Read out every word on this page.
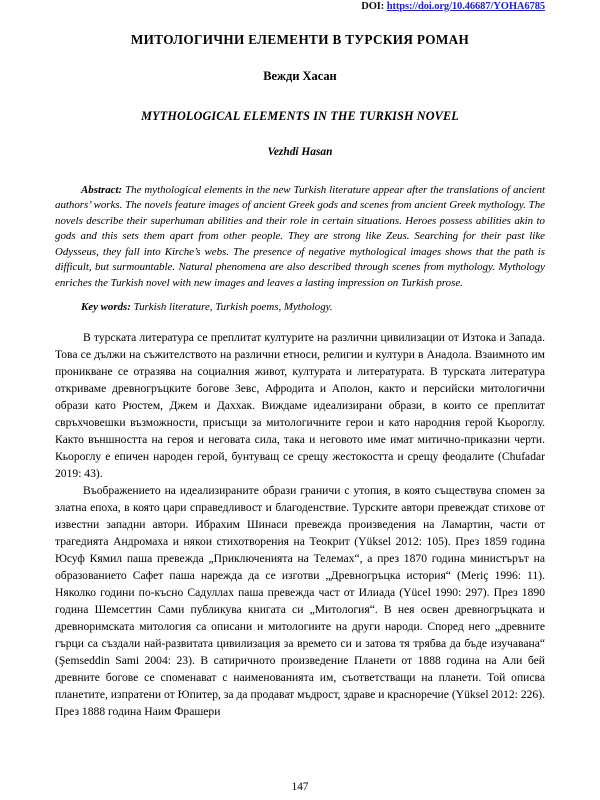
DOI: https://doi.org/10.46687/YOHA6785
МИТОЛОГИЧНИ ЕЛЕМЕНТИ В ТУРСКИЯ РОМАН
Вежди Хасан
MYTHOLOGICAL ELEMENTS IN THE TURKISH NOVEL
Vezhdi Hasan
Abstract: The mythological elements in the new Turkish literature appear after the translations of ancient authors’ works. The novels feature images of ancient Greek gods and scenes from ancient Greek mythology. The novels describe their superhuman abilities and their role in certain situations. Heroes possess abilities akin to gods and this sets them apart from other people. They are strong like Zeus. Searching for their past like Odysseus, they fall into Kirche’s webs. The presence of negative mythological images shows that the path is difficult, but surmountable. Natural phenomena are also described through scenes from mythology. Mythology enriches the Turkish novel with new images and leaves a lasting impression on Turkish prose.
Key words: Turkish literature, Turkish poems, Mythology.
В турската литература се преплитат културите на различни цивилизации от Изтока и Запада. Това се дължи на съжителството на различни етноси, религии и култури в Анадола. Взаимното им проникване се отразява на социалния живот, културата и литературата. В турската литература откриваме древногръцките богове Зевс, Афродита и Аполон, както и персийски митологични образи като Рюстем, Джем и Даххак. Виждаме идеализирани образи, в които се преплитат свръхчовешки възможности, присъщи за митологичните герои и като народния герой Кьороглу. Както външността на героя и неговата сила, така и неговото име имат митично-приказни черти. Кьороглу е епичен народен герой, бунтуващ се срещу жестокостта и срещу феодалите (Chufadar 2019: 43).
Въображението на идеализираните образи граничи с утопия, в която съществува спомен за златна епоха, в която цари справедливост и благоденствие. Турските автори превеждат стихове от известни западни автори. Ибрахим Шинаси превежда произведения на Ламартин, части от трагедията Андромаха и някои стихотворения на Теокрит (Yüksel 2012: 105). През 1859 година Юсуф Кямил паша превежда „Приключенията на Телемах“, а през 1870 година министърът на образованието Сафет паша нарежда да се изготви „Древногръцка история“ (Meriç 1996: 11). Няколко години по-късно Садуллах паша превежда част от Илиада (Yücel 1990: 297). През 1890 година Шемсеттин Сами публикува книгата си „Митология“. В нея освен древногръцката и древноримската митология са описани и митологиите на други народи. Според него „древните гърци са създали най-развитата цивилизация за времето си и затова тя трябва да бъде изучавана“ (Şemseddin Sami 2004: 23). В сатиричното произведение Планети от 1888 година на Али бей древните богове се споменават с наименованията им, съответстващи на планети. Той описва планетите, изпратени от Юпитер, за да продават мъдрост, здраве и красноречие (Yüksel 2012: 226). През 1888 година Наим Фрашери
147
